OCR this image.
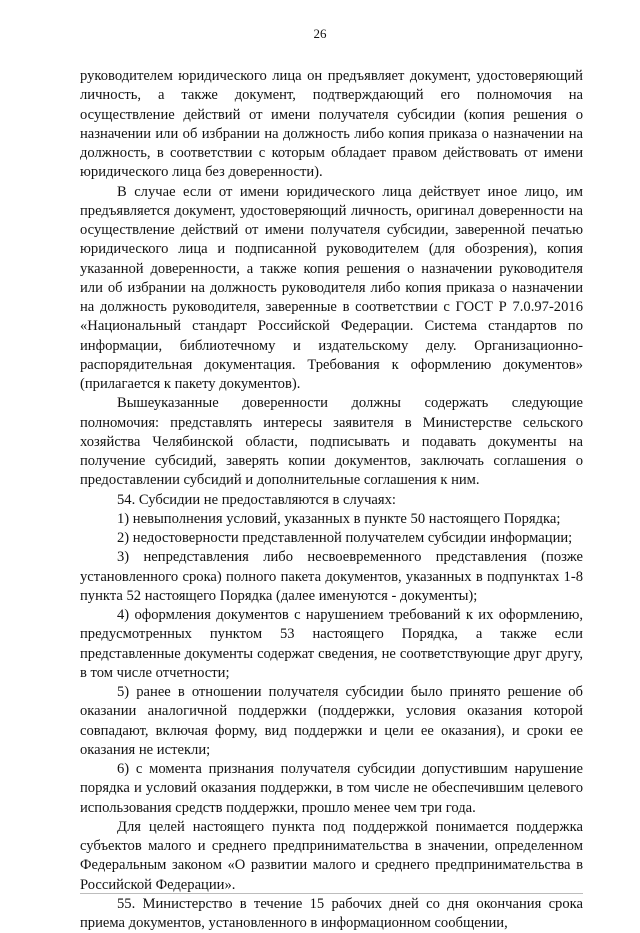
26

руководителем юридического лица он предъявляет документ, удостоверяющий личность, а также документ, подтверждающий его полномочия на осуществление действий от имени получателя субсидии (копия решения о назначении или об избрании на должность либо копия приказа о назначении на должность, в соответствии с которым обладает правом действовать от имени юридического лица без доверенности).

В случае если от имени юридического лица действует иное лицо, им предъявляется документ, удостоверяющий личность, оригинал доверенности на осуществление действий от имени получателя субсидии, заверенной печатью юридического лица и подписанной руководителем (для обозрения), копия указанной доверенности, а также копия решения о назначении руководителя или об избрании на должность руководителя либо копия приказа о назначении на должность руководителя, заверенные в соответствии с ГОСТ Р 7.0.97-2016 «Национальный стандарт Российской Федерации. Система стандартов по информации, библиотечному и издательскому делу. Организационно-распорядительная документация. Требования к оформлению документов» (прилагается к пакету документов).

Вышеуказанные доверенности должны содержать следующие полномочия: представлять интересы заявителя в Министерстве сельского хозяйства Челябинской области, подписывать и подавать документы на получение субсидий, заверять копии документов, заключать соглашения о предоставлении субсидий и дополнительные соглашения к ним.

54. Субсидии не предоставляются в случаях:

1) невыполнения условий, указанных в пункте 50 настоящего Порядка;

2) недостоверности представленной получателем субсидии информации;

3) непредставления либо несвоевременного представления (позже установленного срока) полного пакета документов, указанных в подпунктах 1-8 пункта 52 настоящего Порядка (далее именуются - документы);

4) оформления документов с нарушением требований к их оформлению, предусмотренных пунктом 53 настоящего Порядка, а также если представленные документы содержат сведения, не соответствующие друг другу, в том числе отчетности;

5) ранее в отношении получателя субсидии было принято решение об оказании аналогичной поддержки (поддержки, условия оказания которой совпадают, включая форму, вид поддержки и цели ее оказания), и сроки ее оказания не истекли;

6) с момента признания получателя субсидии допустившим нарушение порядка и условий оказания поддержки, в том числе не обеспечившим целевого использования средств поддержки, прошло менее чем три года.

Для целей настоящего пункта под поддержкой понимается поддержка субъектов малого и среднего предпринимательства в значении, определенном Федеральным законом «О развитии малого и среднего предпринимательства в Российской Федерации».

55. Министерство в течение 15 рабочих дней со дня окончания срока приема документов, установленного в информационном сообщении,
